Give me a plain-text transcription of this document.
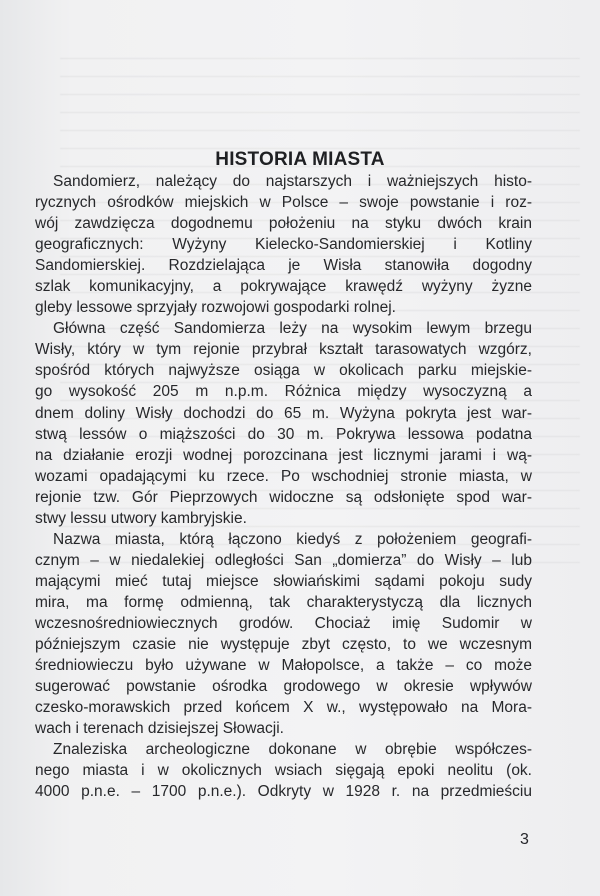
HISTORIA MIASTA

Sandomierz, należący do najstarszych i ważniejszych histo-
rycznych ośrodków miejskich w Polsce – swoje powstanie i roz-
wój zawdzięcza dogodnemu położeniu na styku dwóch krain
geograficznych: Wyżyny Kielecko-Sandomierskiej i Kotliny
Sandomierskiej. Rozdzielająca je Wisła stanowiła dogodny
szlak komunikacyjny, a pokrywające krawędź wyżyny żyzne
gleby lessowe sprzyjały rozwojowi gospodarki rolnej.

Główna część Sandomierza leży na wysokim lewym brzegu
Wisły, który w tym rejonie przybrał kształt tarasowatych wzgórz,
spośród których najwyższe osiąga w okolicach parku miejskie-
go wysokość 205 m n.p.m. Różnica między wysoczyzną a
dnem doliny Wisły dochodzi do 65 m. Wyżyna pokryta jest war-
stwą lessów o miąższości do 30 m. Pokrywa lessowa podatna
na działanie erozji wodnej porozcinana jest licznymi jarami i wą-
wozami opadającymi ku rzece. Po wschodniej stronie miasta, w
rejonie tzw. Gór Pieprzowych widoczne są odsłonięte spod war-
stwy lessu utwory kambryjskie.

Nazwa miasta, którą łączono kiedyś z położeniem geografi-
cznym – w niedalekiej odległości San „domierza” do Wisły – lub
mającymi mieć tutaj miejsce słowiańskimi sądami pokoju sudy
mira, ma formę odmienną, tak charakterystyczą dla licznych
wczesnośredniowiecznych grodów. Chociaż imię Sudomir w
późniejszym czasie nie występuje zbyt często, to we wczesnym
średniowieczu było używane w Małopolsce, a także – co może
sugerować powstanie ośrodka grodowego w okresie wpływów
czesko-morawskich przed końcem X w., występowało na Mora-
wach i terenach dzisiejszej Słowacji.

Znaleziska archeologiczne dokonane w obrębie współczes-
nego miasta i w okolicznych wsiach sięgają epoki neolitu (ok.
4000 p.n.e. – 1700 p.n.e.). Odkryty w 1928 r. na przedmieściu

3
